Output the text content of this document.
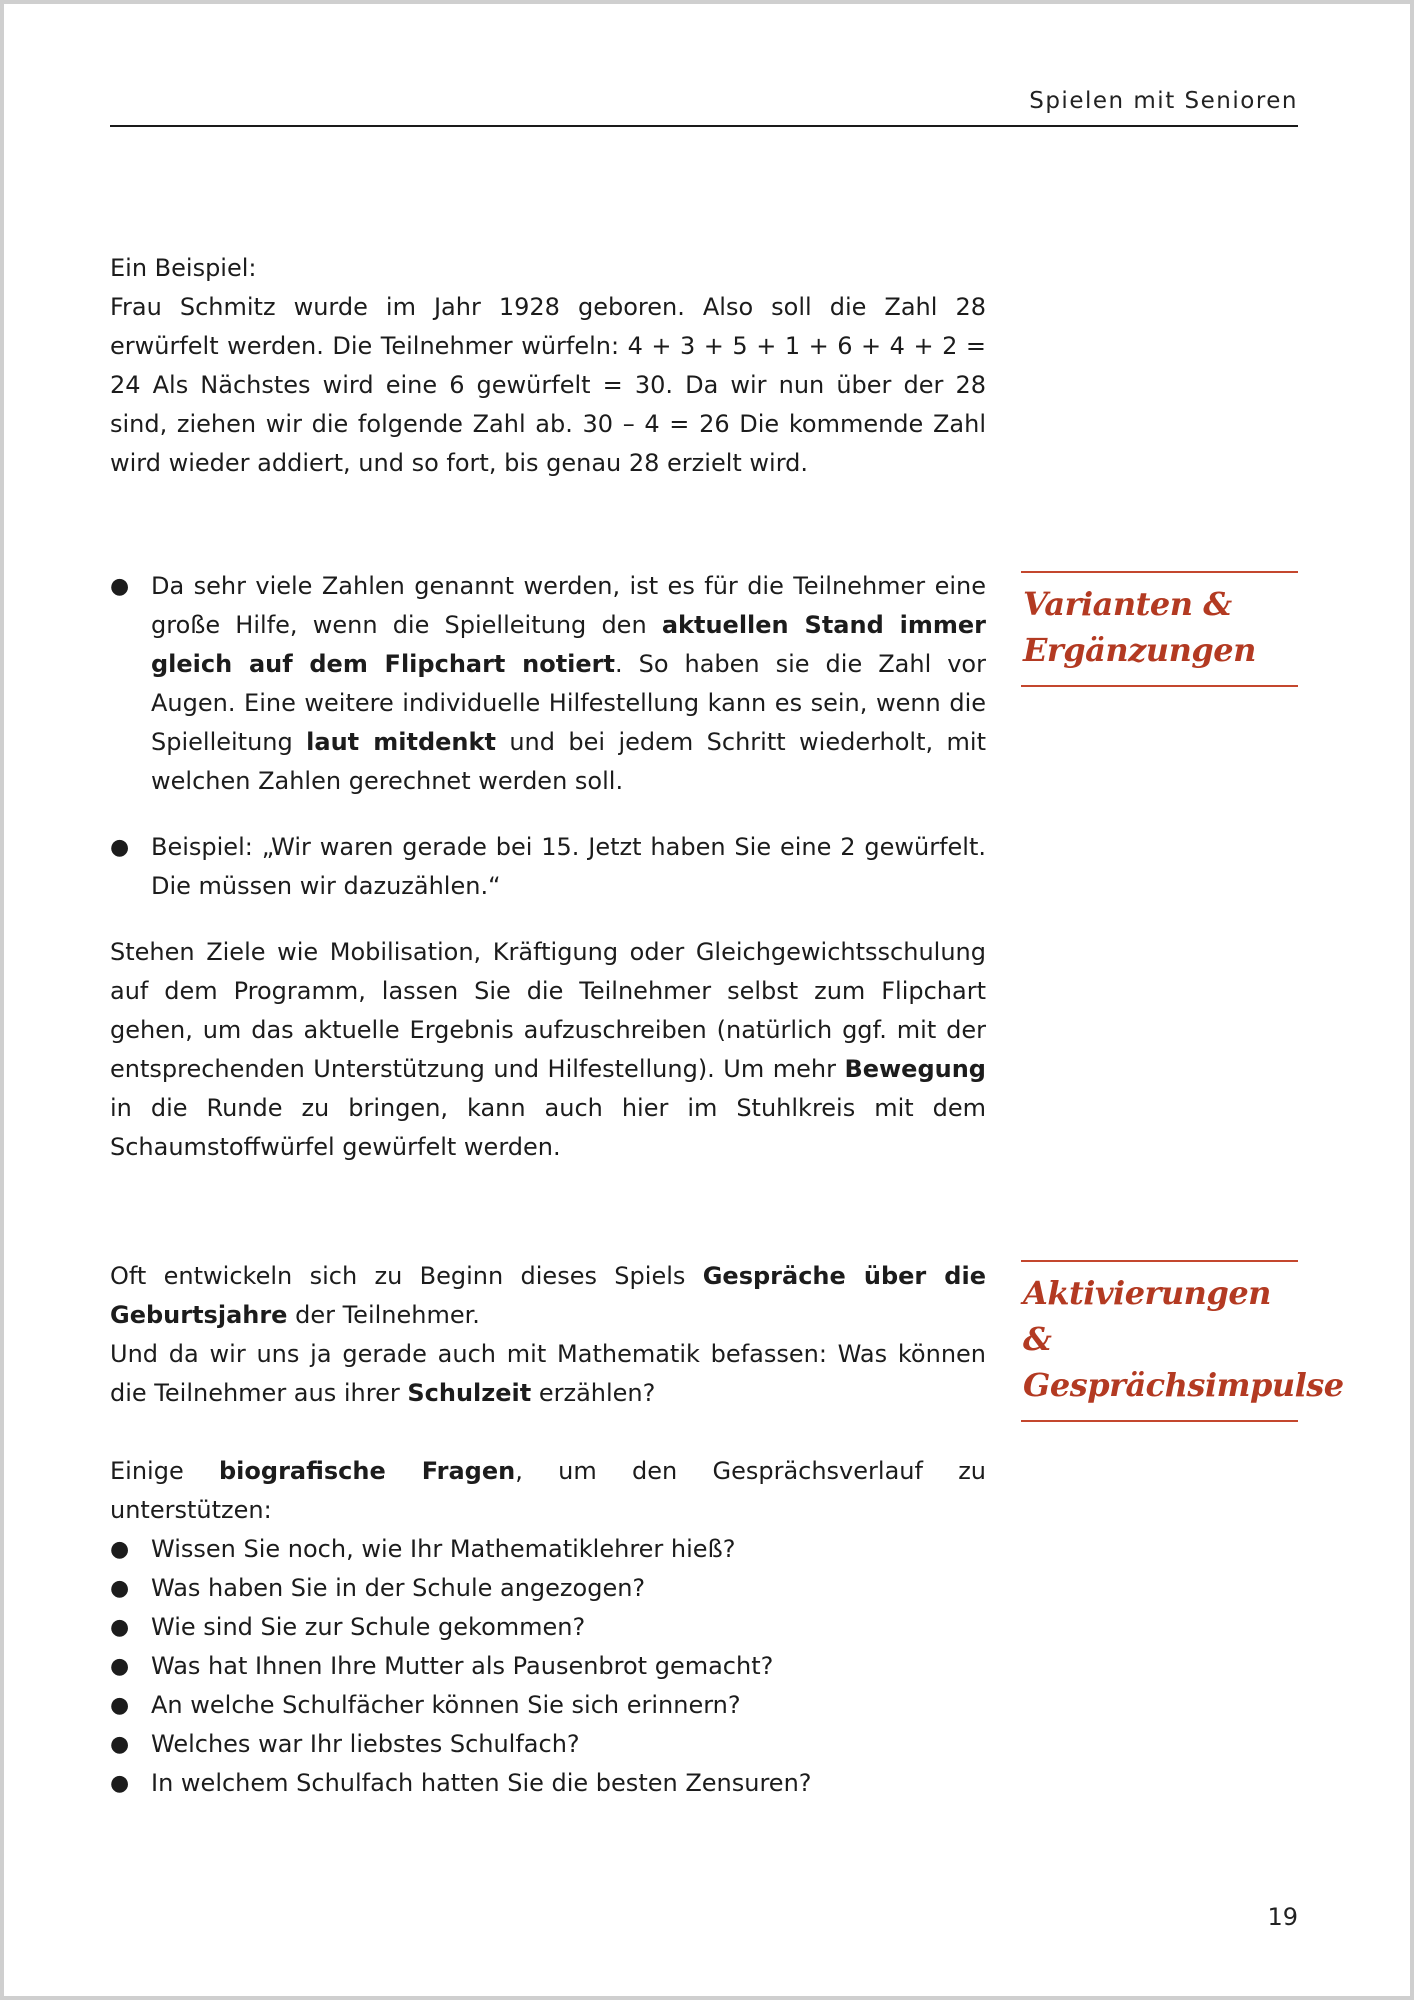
Spielen mit Senioren

Ein Beispiel:

Frau Schmitz wurde im Jahr 1928 geboren. Also soll die Zahl 28 erwürfelt werden. Die Teilnehmer würfeln: 4 + 3 + 5 + 1 + 6 + 4 + 2 = 24 Als Nächstes wird eine 6 gewürfelt = 30. Da wir nun über der 28 sind, ziehen wir die folgende Zahl ab. 30 – 4 = 26 Die kommende Zahl wird wieder addiert, und so fort, bis genau 28 erzielt wird.

Varianten &
Ergänzungen
● Da sehr viele Zahlen genannt werden, ist es für die Teilnehmer eine große Hilfe, wenn die Spielleitung den aktuellen Stand immer gleich auf dem Flipchart notiert. So haben sie die Zahl vor Augen. Eine weitere individuelle Hilfestellung kann es sein, wenn die Spielleitung laut mitdenkt und bei jedem Schritt wiederholt, mit welchen Zahlen gerechnet werden soll.
● Beispiel: „Wir waren gerade bei 15. Jetzt haben Sie eine 2 gewürfelt. Die müssen wir dazuzählen.“

Stehen Ziele wie Mobilisation, Kräftigung oder Gleichgewichtsschulung auf dem Programm, lassen Sie die Teilnehmer selbst zum Flipchart gehen, um das aktuelle Ergebnis aufzuschreiben (natürlich ggf. mit der entsprechenden Unterstützung und Hilfestellung). Um mehr Bewegung in die Runde zu bringen, kann auch hier im Stuhlkreis mit dem Schaumstoffwürfel gewürfelt werden.

Aktivierungen &
Gesprächsimpulse

Oft entwickeln sich zu Beginn dieses Spiels Gespräche über die Geburtsjahre der Teilnehmer.

Und da wir uns ja gerade auch mit Mathematik befassen: Was können die Teilnehmer aus ihrer Schulzeit erzählen?

Einige biografische Fragen, um den Gesprächsverlauf zu unterstützen:

● Wissen Sie noch, wie Ihr Mathematiklehrer hieß?
● Was haben Sie in der Schule angezogen?
● Wie sind Sie zur Schule gekommen?
● Was hat Ihnen Ihre Mutter als Pausenbrot gemacht?
● An welche Schulfächer können Sie sich erinnern?
● Welches war Ihr liebstes Schulfach?
● In welchem Schulfach hatten Sie die besten Zensuren?
19
